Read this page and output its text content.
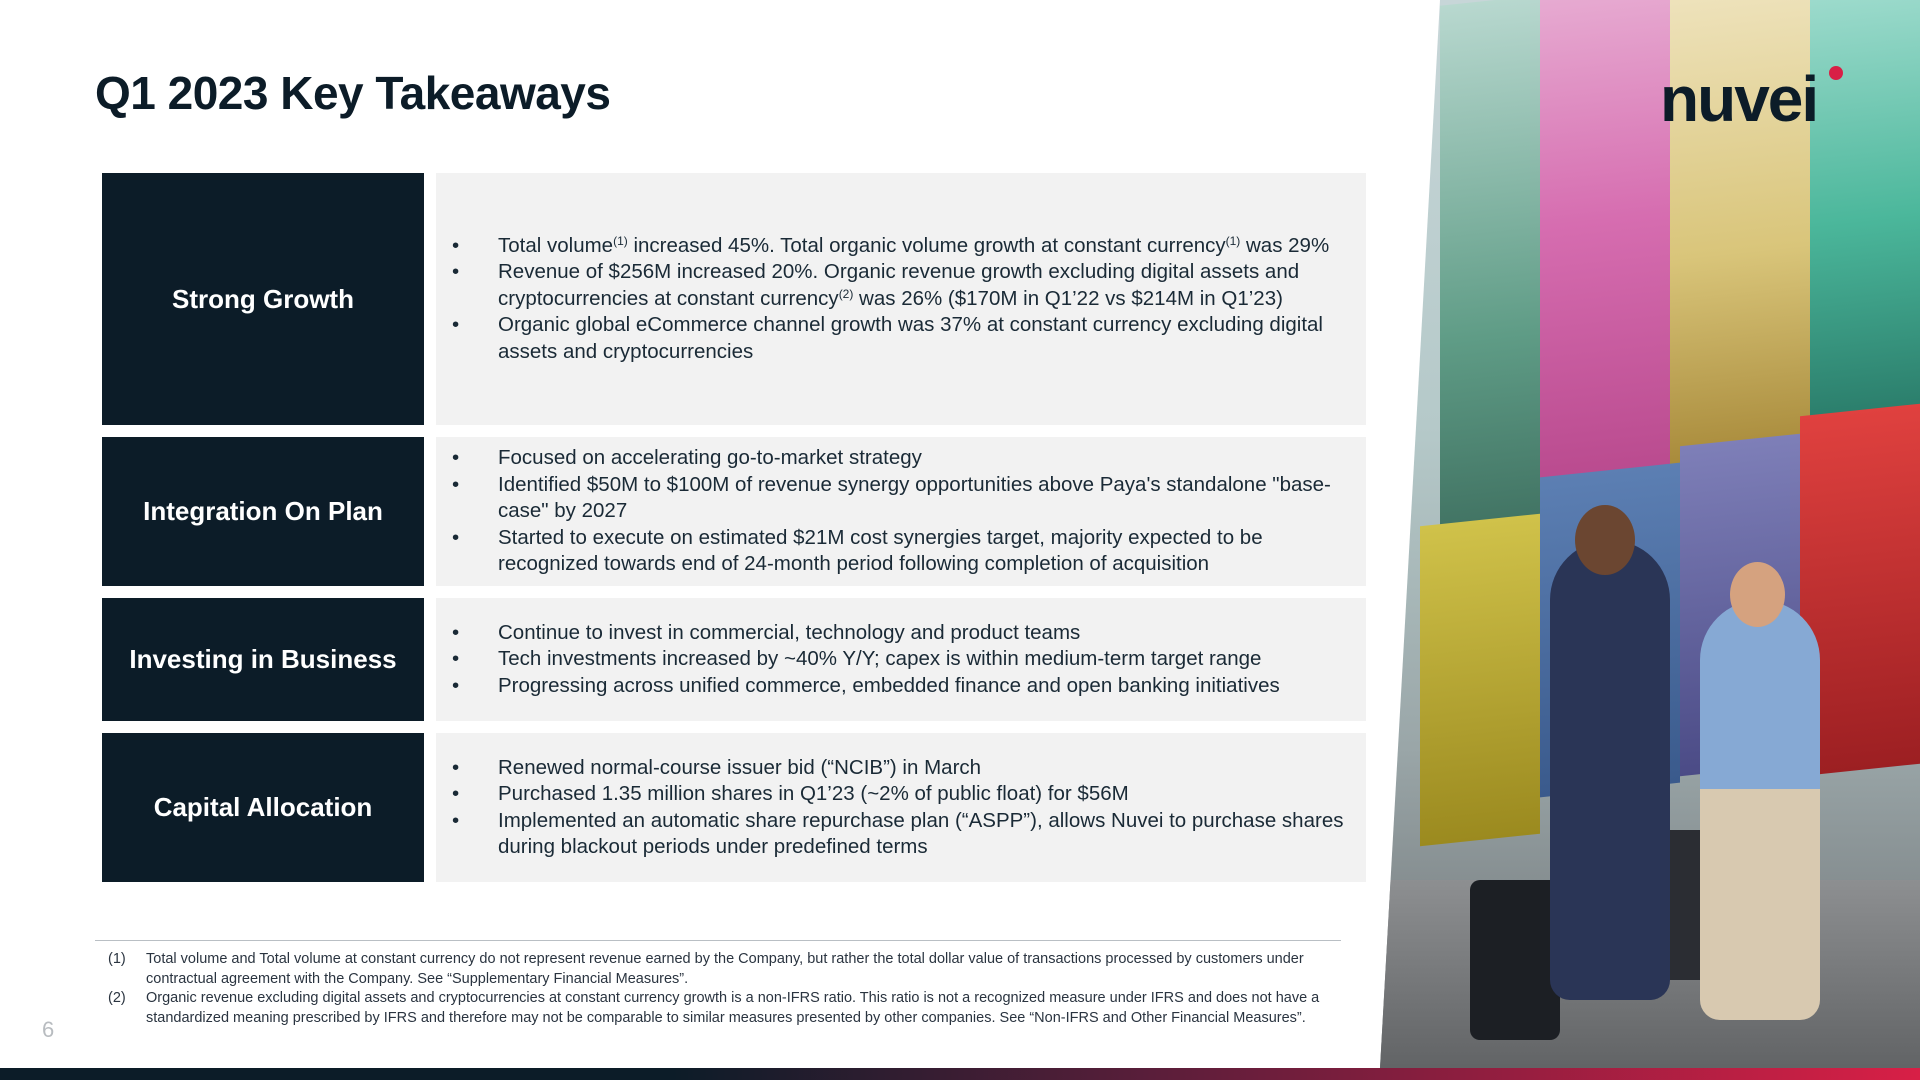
Q1 2023 Key Takeaways	nuvei
Strong Growth
• Total volume$^{(1)}$ increased 45%. Total organic volume growth at constant currency$^{(1)}$ was 29%
• Revenue of $256M increased 20%. Organic revenue growth excluding digital assets and cryptocurrencies at constant currency$^{(2)}$ was 26% ($170M in Q1’22 vs $214M in Q1’23)
• Organic global eCommerce channel growth was 37% at constant currency excluding digital assets and cryptocurrencies
Integration On Plan
• Focused on accelerating go-to-market strategy
• Identified $50M to $100M of revenue synergy opportunities above Paya's standalone "base-case" by 2027
• Started to execute on estimated $21M cost synergies target, majority expected to be recognized towards end of 24-month period following completion of acquisition
Investing in Business
• Continue to invest in commercial, technology and product teams
• Tech investments increased by ~40% Y/Y; capex is within medium-term target range
• Progressing across unified commerce, embedded finance and open banking initiatives
Capital Allocation
• Renewed normal-course issuer bid (“NCIB”) in March
• Purchased 1.35 million shares in Q1’23 (~2% of public float) for $56M
• Implemented an automatic share repurchase plan (“ASPP”), allows Nuvei to purchase shares during blackout periods under predefined terms
(1) Total volume and Total volume at constant currency do not represent revenue earned by the Company, but rather the total dollar value of transactions processed by customers under contractual agreement with the Company. See “Supplementary Financial Measures”.
(2) Organic revenue excluding digital assets and cryptocurrencies at constant currency growth is a non-IFRS ratio. This ratio is not a recognized measure under IFRS and does not have a standardized meaning prescribed by IFRS and therefore may not be comparable to similar measures presented by other companies. See “Non-IFRS and Other Financial Measures”.
6
